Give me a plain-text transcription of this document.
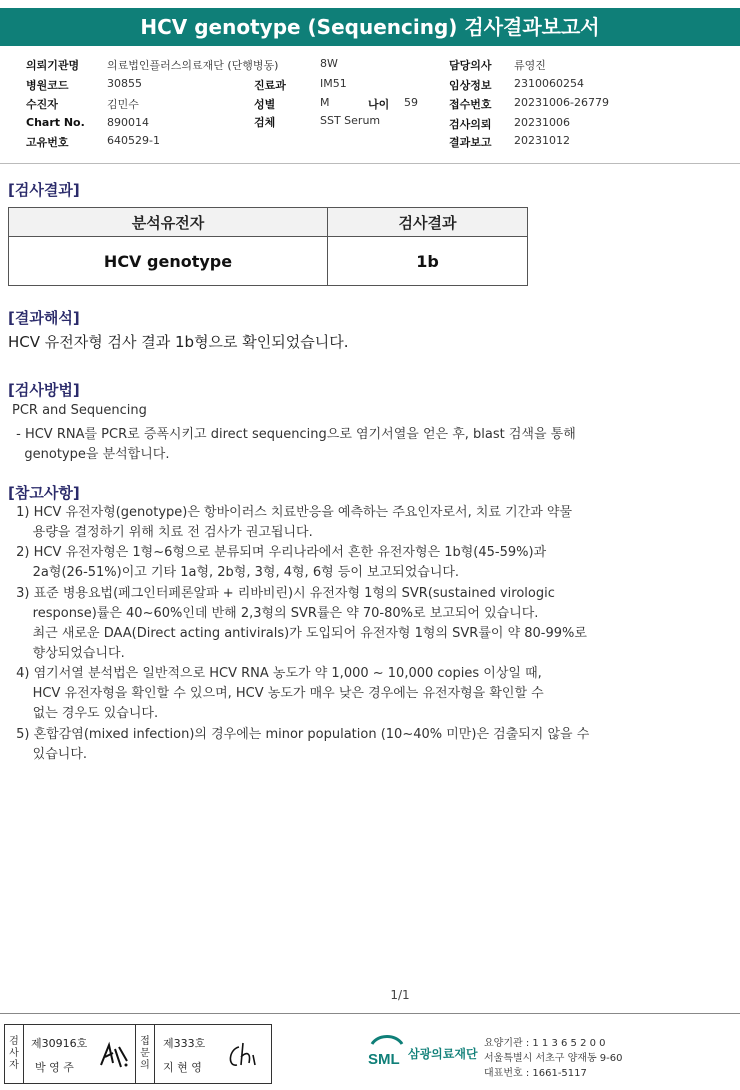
HCV genotype (Sequencing) 검사결과보고서
의뢰기관명	의료법인플러스의료재단 (단행병동)	8W	담당의사 류영진
병원코드	30855	진료과	IM51	임상정보 2310060254
수진자	김민수	성별	M	나이 59	접수번호 20231006-26779
Chart No. 890014	검체	SST Serum	검사의뢰 20231006
고유번호	640529-1	결과보고 20231012
[검사결과]
분석유전자	검사결과
HCV genotype	1b
[결과해석]
HCV 유전자형 검사 결과 1b형으로 확인되었습니다.
[검사방법]
PCR and Sequencing
- HCV RNA를 PCR로 증폭시키고 direct sequencing으로 염기서열을 얻은 후, blast 검색을 통해
genotype을 분석합니다.
[참고사항]
1) HCV 유전자형(genotype)은 항바이러스 치료반응을 예측하는 주요인자로서, 치료 기간과 약물
용량을 결정하기 위해 치료 전 검사가 권고됩니다.
2) HCV 유전자형은 1형~6형으로 분류되며 우리나라에서 흔한 유전자형은 1b형(45-59%)과
2a형(26-51%)이고 기타 1a형, 2b형, 3형, 4형, 6형 등이 보고되었습니다.
3) 표준 병용요법(페그인터페론알파 + 리바비린)시 유전자형 1형의 SVR(sustained virologic
response)률은 40~60%인데 반해 2,3형의 SVR률은 약 70-80%로 보고되어 있습니다.
최근 새로운 DAA(Direct acting antivirals)가 도입되어 유전자형 1형의 SVR률이 약 80-99%로
향상되었습니다.
4) 염기서열 분석법은 일반적으로 HCV RNA 농도가 약 1,000 ~ 10,000 copies 이상일 때,
HCV 유전자형을 확인할 수 있으며, HCV 농도가 매우 낮은 경우에는 유전자형을 확인할 수
없는 경우도 있습니다.
5) 혼합감염(mixed infection)의 경우에는 minor population (10~40% 미만)은 검출되지 않을 수
있습니다.
1/1
검사자
제30916호
박 영 주
접문의
제333호
지 현 영	SML 삼광의료재단
요양기관 : 1 1 3 6 5 2 0 0
서울특별시 서초구 양재동 9-60
대표번호 : 1661-5117
